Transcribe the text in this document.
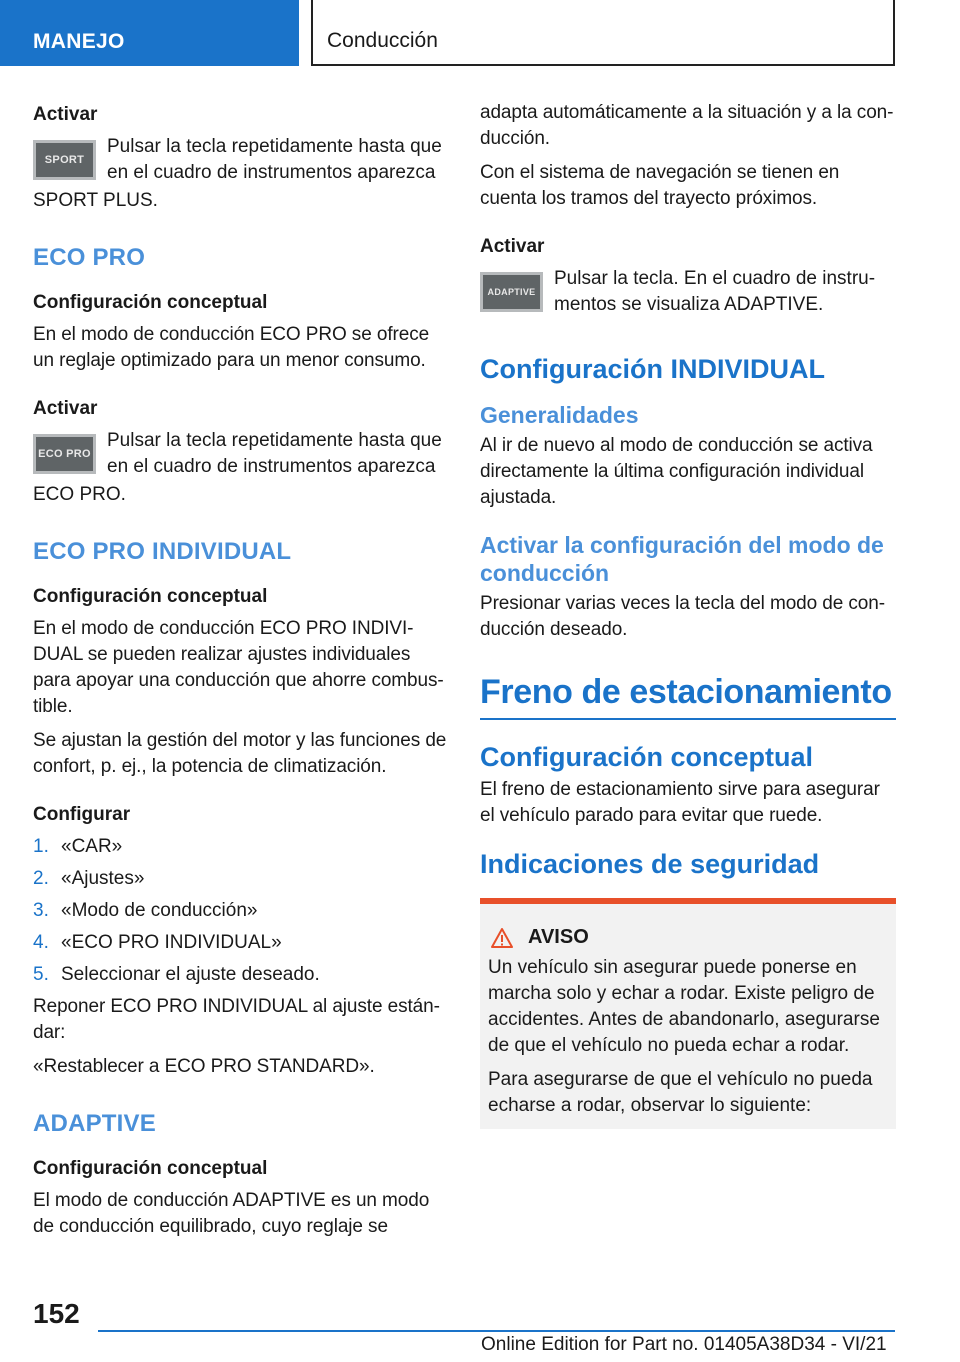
MANEJO	Conducción
Activar
SPORT
Pulsar la tecla repetidamente hasta que en el cuadro de instrumentos aparezca
SPORT PLUS.
ECO PRO
Configuración conceptual

En el modo de conducción ECO PRO se ofrece un reglaje optimizado para un menor consumo.

Activar
ECO PRO
Pulsar la tecla repetidamente hasta que en el cuadro de instrumentos aparezca
ECO PRO.
ECO PRO INDIVIDUAL
Configuración conceptual

En el modo de conducción ECO PRO INDIVI-DUAL se pueden realizar ajustes individuales para apoyar una conducción que ahorre combus-tible.

Se ajustan la gestión del motor y las funciones de confort, p. ej., la potencia de climatización.

Configurar
1. «CAR»
2. «Ajustes»
3. «Modo de conducción»
4. «ECO PRO INDIVIDUAL»
5. Seleccionar el ajuste deseado.

Reponer ECO PRO INDIVIDUAL al ajuste están-dar:

«Restablecer a ECO PRO STANDARD».

ADAPTIVE
Configuración conceptual

El modo de conducción ADAPTIVE es un modo de conducción equilibrado, cuyo reglaje se

adapta automáticamente a la situación y a la con-ducción.

Con el sistema de navegación se tienen en cuenta los tramos del trayecto próximos.

Activar
ADAPTIVE
Pulsar la tecla. En el cuadro de instru-mentos se visualiza ADAPTIVE.
Configuración INDIVIDUAL
Generalidades

Al ir de nuevo al modo de conducción se activa directamente la última configuración individual ajustada.

Activar la configuración del modo de conducción

Presionar varias veces la tecla del modo de con-ducción deseado.

Freno de estacionamiento
Configuración conceptual

El freno de estacionamiento sirve para asegurar el vehículo parado para evitar que ruede.

Indicaciones de seguridad
AVISO

Un vehículo sin asegurar puede ponerse en marcha solo y echar a rodar. Existe peligro de accidentes. Antes de abandonarlo, asegurarse de que el vehículo no pueda echar a rodar.

Para asegurarse de que el vehículo no pueda echarse a rodar, observar lo siguiente:

152
Online Edition for Part no. 01405A38D34 - VI/21
